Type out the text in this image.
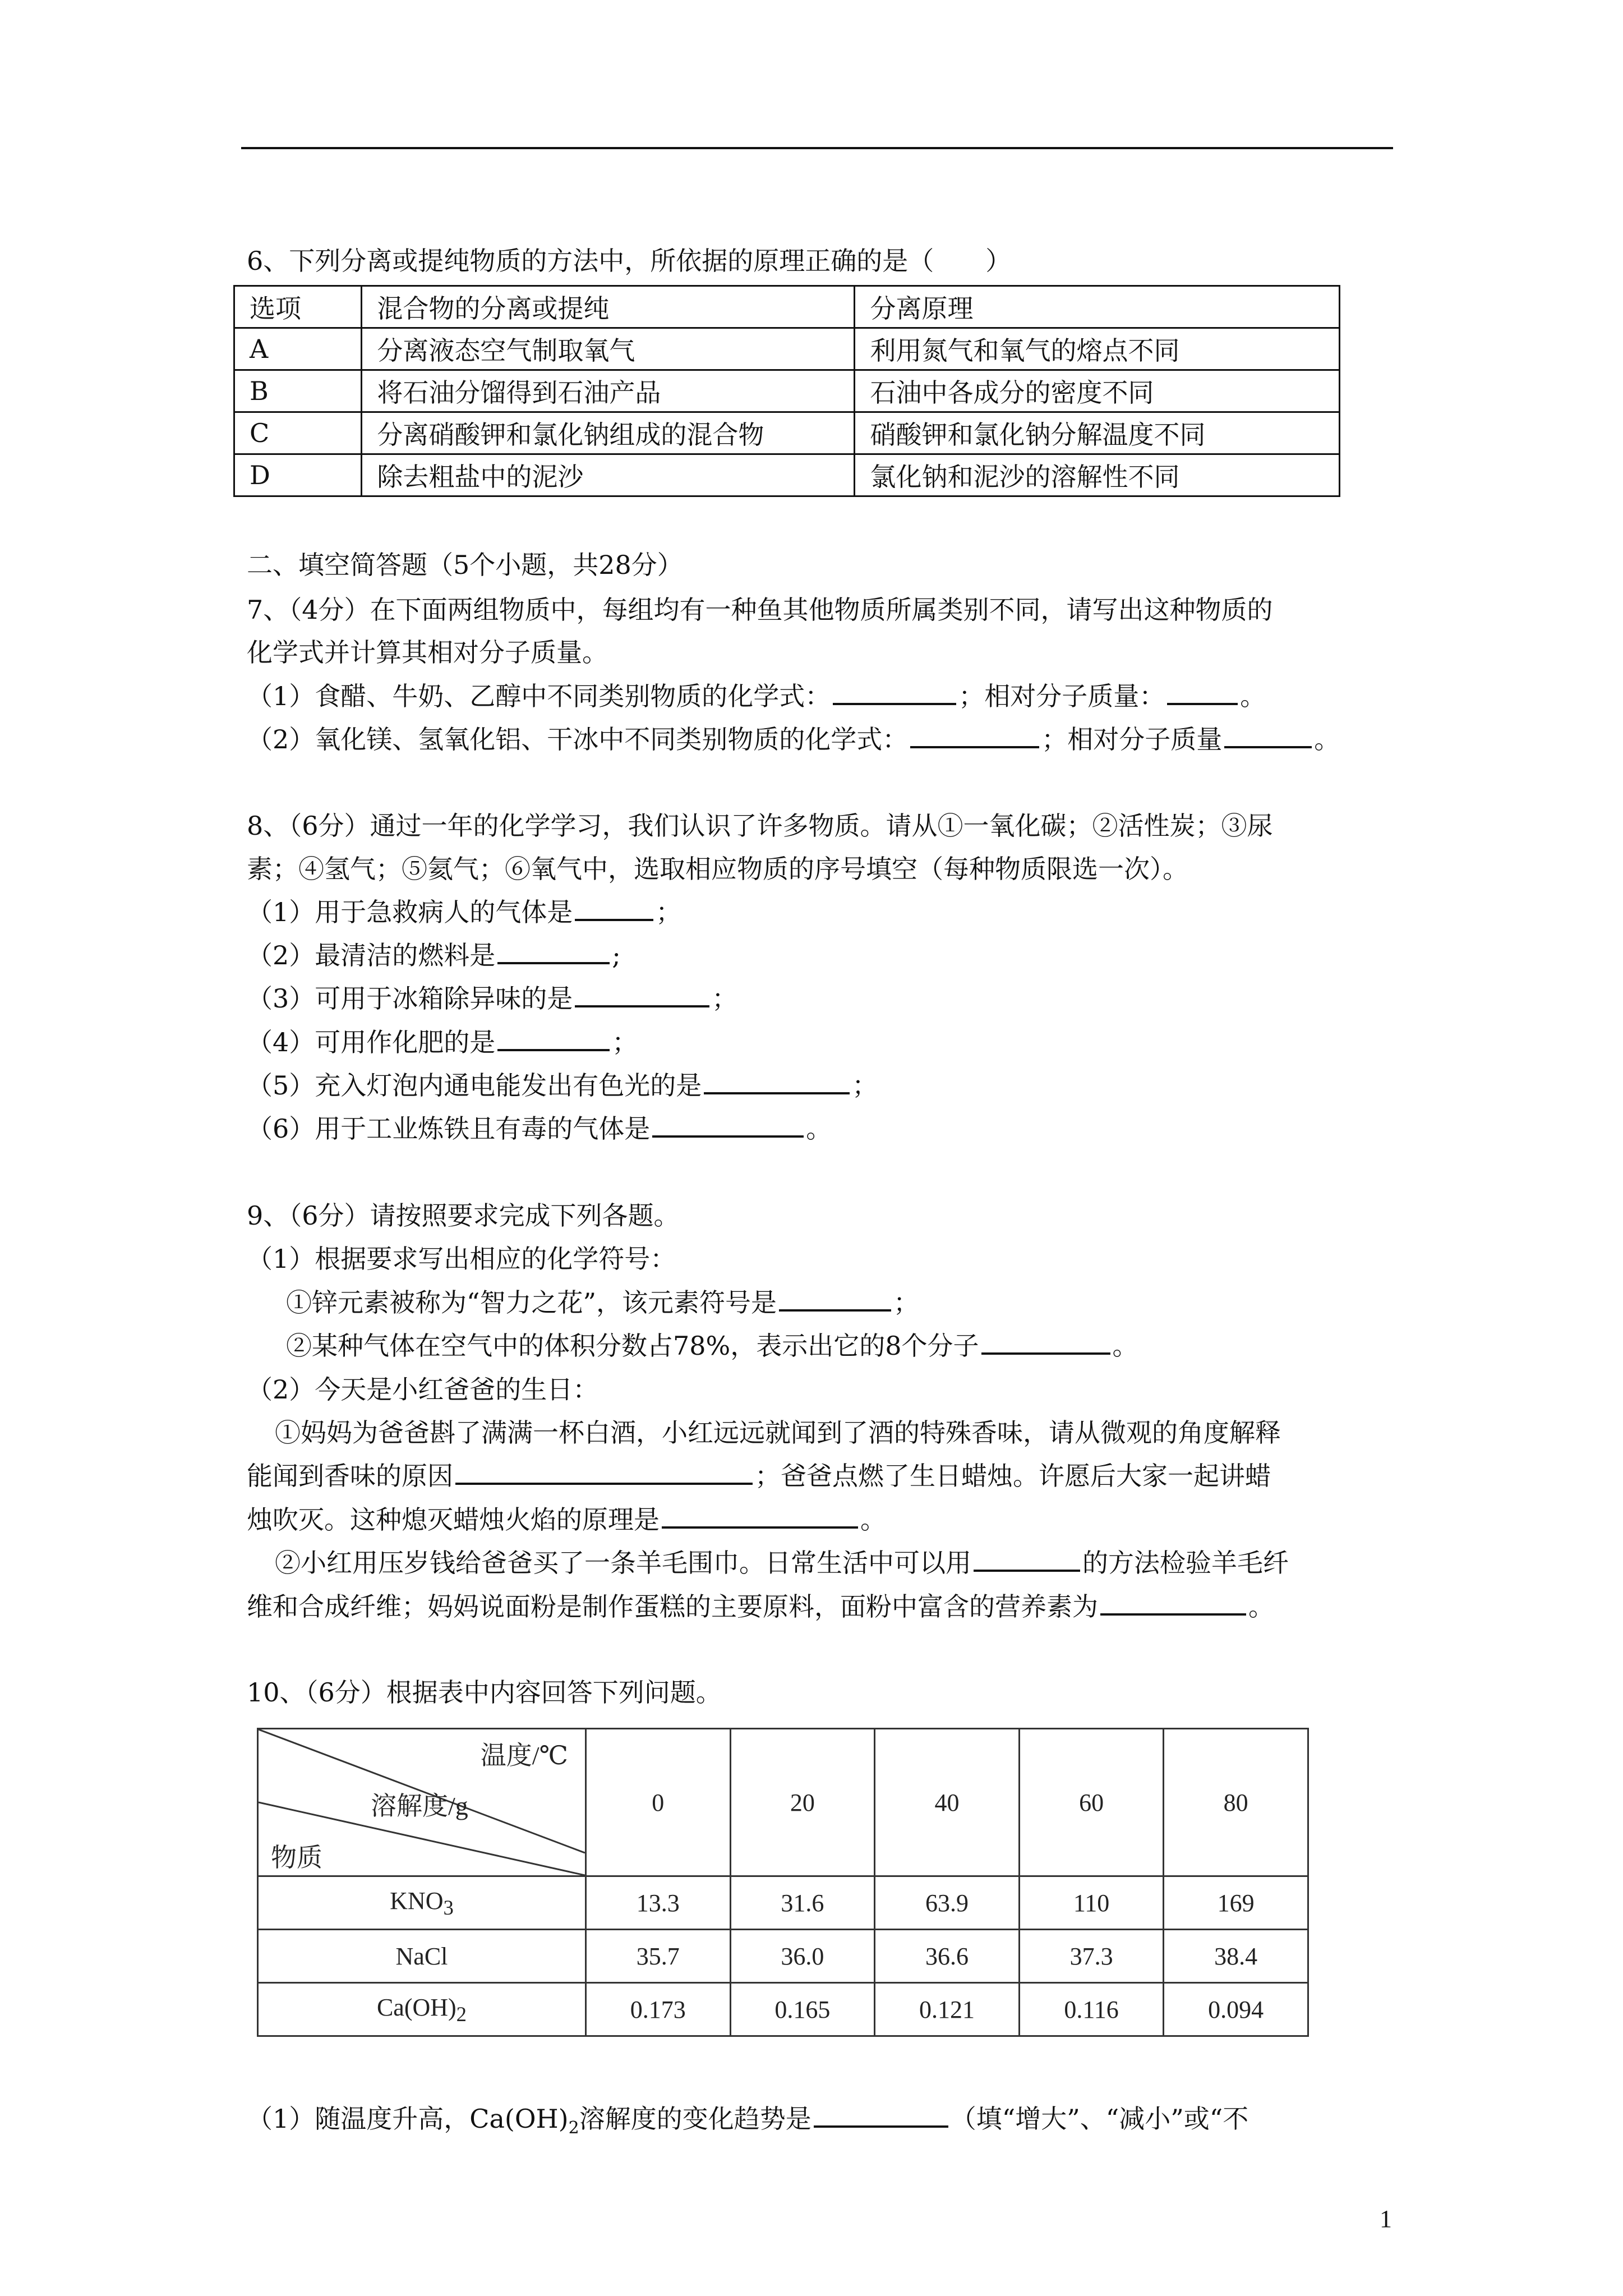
6、下列分离或提纯物质的方法中，所依据的原理正确的是（　　）
选项	混合物的分离或提纯	分离原理
A	分离液态空气制取氧气	利用氮气和氧气的熔点不同
B	将石油分馏得到石油产品	石油中各成分的密度不同
C	分离硝酸钾和氯化钠组成的混合物	硝酸钾和氯化钠分解温度不同
D	除去粗盐中的泥沙	氯化钠和泥沙的溶解性不同
二、填空简答题（5个小题，共28分）
7、（4分）在下面两组物质中，每组均有一种鱼其他物质所属类别不同，请写出这种物质的
化学式并计算其相对分子质量。
（1）食醋、牛奶、乙醇中不同类别物质的化学式：	；相对分子质量：	。
（2）氧化镁、氢氧化铝、干冰中不同类别物质的化学式：	；相对分子质量	。
8、（6分）通过一年的化学学习，我们认识了许多物质。请从①一氧化碳；②活性炭；③尿
素；④氢气；⑤氦气；⑥氧气中，选取相应物质的序号填空（每种物质限选一次）。
（1）用于急救病人的气体是	；
（2）最清洁的燃料是	;
（3）可用于冰箱除异味的是	；
（4）可用作化肥的是	；
（5）充入灯泡内通电能发出有色光的是	；
（6）用于工业炼铁且有毒的气体是	。
9、（6分）请按照要求完成下列各题。
（1）根据要求写出相应的化学符号：
①锌元素被称为“智力之花”，该元素符号是	；
②某种气体在空气中的体积分数占78%，表示出它的8个分子	。
（2）今天是小红爸爸的生日：
①妈妈为爸爸斟了满满一杯白酒，小红远远就闻到了酒的特殊香味，请从微观的角度解释
能闻到香味的原因	；爸爸点燃了生日蜡烛。许愿后大家一起讲蜡
烛吹灭。这种熄灭蜡烛火焰的原理是	。
②小红用压岁钱给爸爸买了一条羊毛围巾。日常生活中可以用	的方法检验羊毛纤
维和合成纤维；妈妈说面粉是制作蛋糕的主要原料，面粉中富含的营养素为	。
10、（6分）根据表中内容回答下列问题。
温度/℃
溶解度/g
物质	0	20	40	60	80
$KNO_3$	13.3	31.6	63.9	110	169
NaCl	35.7	36.0	36.6	37.3	38.4
$Ca(OH)_2$	0.173	0.165	0.121	0.116	0.094
（1）随温度升高，$Ca(OH)_2$溶解度的变化趋势是	（填“增大”、“减小”或“不
1
